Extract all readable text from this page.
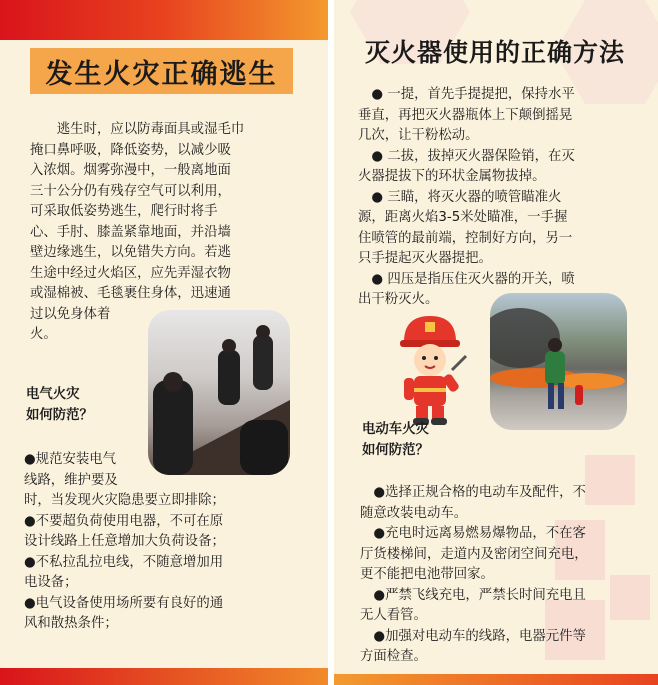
发生火灾正确逃生
　　逃生时，应以防毒面具或湿毛巾
掩口鼻呼吸，降低姿势，以减少吸
入浓烟。烟雾弥漫中，一般离地面
三十公分仍有残存空气可以利用，
可采取低姿势逃生，爬行时将手
心、手肘、膝盖紧靠地面，并沿墙
壁边缘逃生，以免错失方向。若逃
生途中经过火焰区，应先弄湿衣物
或湿棉被、毛毯裹住身体，迅速通
过以免身体着
火。
电气火灾
如何防范？
●规范安装电气
线路，维护要及
时，当发现火灾隐患要立即排除；
●不要超负荷使用电器，不可在原
设计线路上任意增加大负荷设备；
●不私拉乱拉电线，不随意增加用
电设备；
●电气设备使用场所要有良好的通
风和散热条件；
灭火器使用的正确方法
　● 一提，首先手提提把，保持水平
垂直，再把灭火器瓶体上下颠倒摇晃
几次，让干粉松动。
　● 二拔，拔掉灭火器保险销，在灭
火器提拔下的环状金属物拔掉。
　● 三瞄，将灭火器的喷管瞄准火
源，距离火焰3-5米处瞄准，一手握
住喷管的最前端，控制好方向，另一
只手提起灭火器提把。
　● 四压是指压住灭火器的开关，喷
出干粉灭火。
电动车火灾
如何防范？
　●选择正规合格的电动车及配件，不
随意改装电动车。
　●充电时远离易燃易爆物品，不在客
厅货楼梯间，走道内及密闭空间充电，
更不能把电池带回家。
　●严禁飞线充电，严禁长时间充电且
无人看管。
　●加强对电动车的线路，电器元件等
方面检查。
